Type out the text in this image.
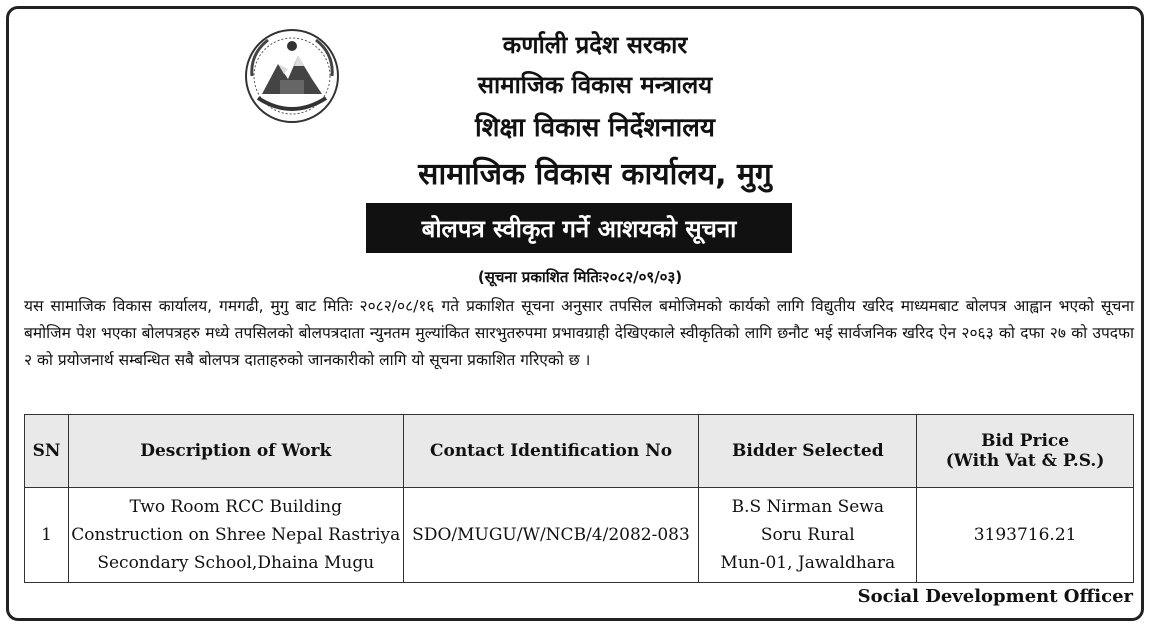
कर्णाली प्रदेश सरकार
सामाजिक विकास मन्त्रालय
शिक्षा विकास निर्देशनालय
सामाजिक विकास कार्यालय, मुगु
बोलपत्र स्वीकृत गर्ने आशयको सूचना
(सूचना प्रकाशित मितिः२०८२/०९/०३)
यस सामाजिक विकास कार्यालय, गमगढी, मुगु बाट मितिः २०८२/०८/१६ गते प्रकाशित सूचना अनुसार तपसिल बमोजिमको कार्यको लागि विद्युतीय खरिद माध्यमबाट बोलपत्र आह्वान भएको सूचना बमोजिम पेश भएका बोलपत्रहरु मध्ये तपसिलको बोलपत्रदाता न्युनतम मुल्यांकित सारभुतरुपमा प्रभावग्राही देखिएकाले स्वीकृतिको लागि छनौट भई सार्वजनिक खरिद ऐन २०६३ को दफा २७ को उपदफा २ को प्रयोजनार्थ सम्बन्धित सबै बोलपत्र दाताहरुको जानकारीको लागि यो सूचना प्रकाशित गरिएको छ ।
SN	Description of Work	Contact Identification No	Bidder Selected	Bid Price
(With Vat & P.S.)

1	Two Room RCC Building
Construction on Shree Nepal Rastriya
Secondary School,Dhaina Mugu	SDO/MUGU/W/NCB/4/2082-083	B.S Nirman Sewa
Soru Rural
Mun-01, Jawaldhara	3193716.21
Social Development Officer
